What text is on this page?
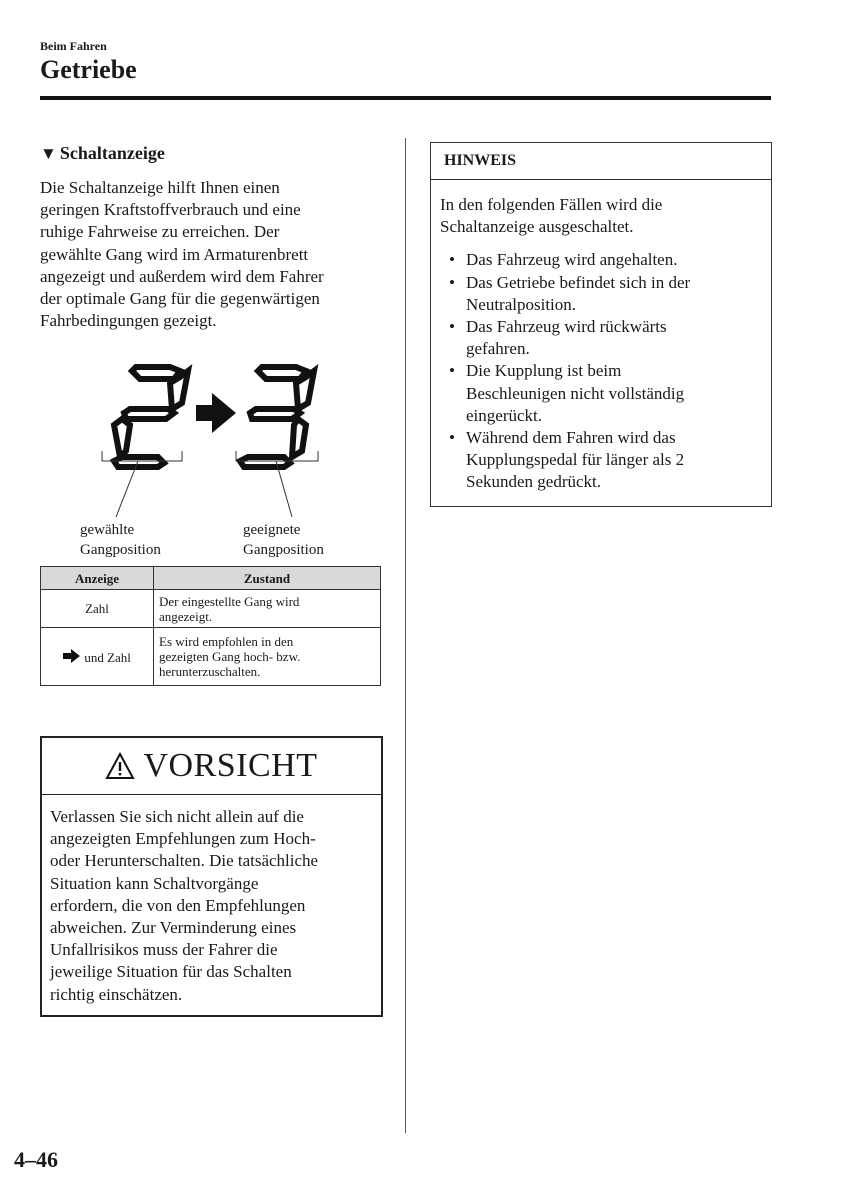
Beim Fahren
Getriebe
▼ Schaltanzeige
Die Schaltanzeige hilft Ihnen einen
geringen Kraftstoffverbrauch und eine
ruhige Fahrweise zu erreichen. Der
gewählte Gang wird im Armaturenbrett
angezeigt und außerdem wird dem Fahrer
der optimale Gang für die gegenwärtigen
Fahrbedingungen gezeigt.
gewählte
Gangposition
geeignete
Gangposition
Anzeige	Zustand
Zahl	Der eingestellte Gang wird
angezeigt.

und Zahl	Es wird empfohlen in den
gezeigten Gang hoch- bzw.
herunterzuschalten.
VORSICHT
Verlassen Sie sich nicht allein auf die
angezeigten Empfehlungen zum Hoch-
oder Herunterschalten. Die tatsächliche
Situation kann Schaltvorgänge
erfordern, die von den Empfehlungen
abweichen. Zur Verminderung eines
Unfallrisikos muss der Fahrer die
jeweilige Situation für das Schalten
richtig einschätzen.
HINWEIS
In den folgenden Fällen wird die
Schaltanzeige ausgeschaltet.
• Das Fahrzeug wird angehalten.
• Das Getriebe befindet sich in der
Neutralposition.
• Das Fahrzeug wird rückwärts
gefahren.
• Die Kupplung ist beim
Beschleunigen nicht vollständig
eingerückt.
• Während dem Fahren wird das
Kupplungspedal für länger als 2
Sekunden gedrückt.
4–46
